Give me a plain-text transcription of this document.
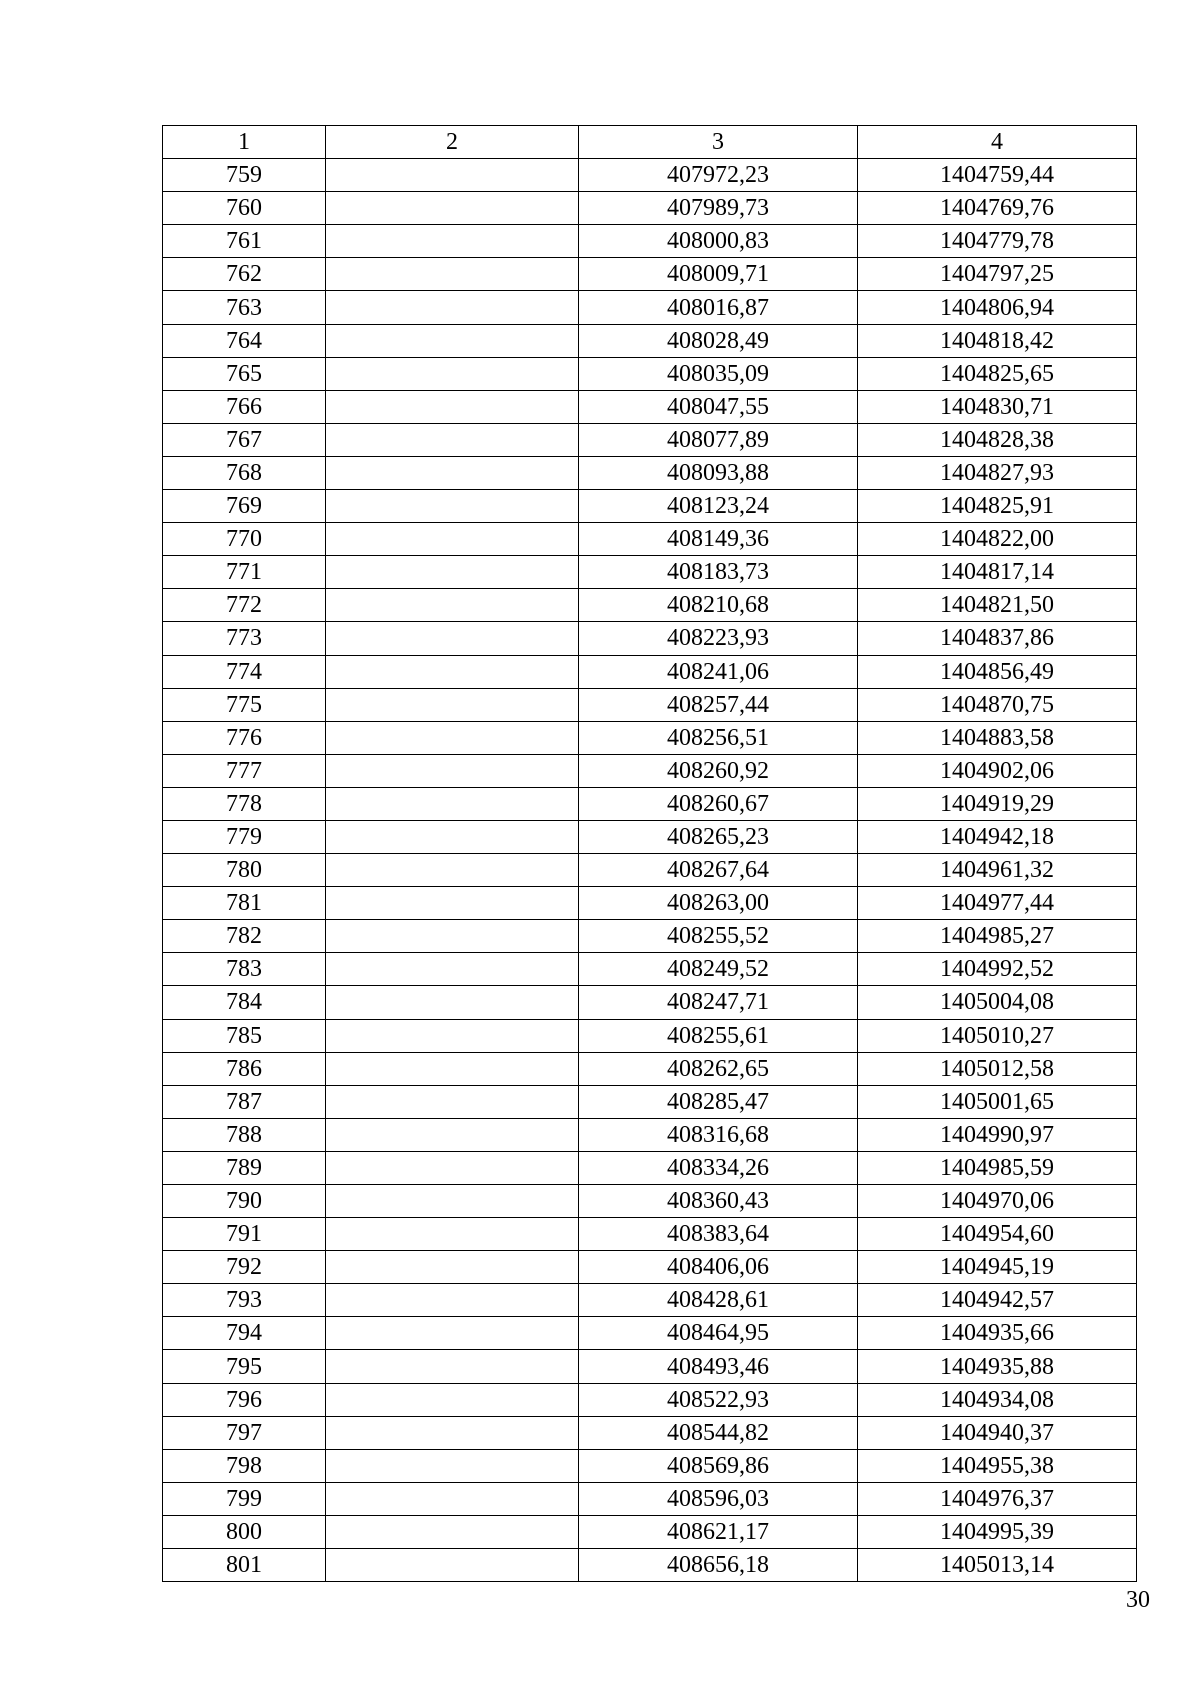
1	2	3	4
759		407972,23	1404759,44
760		407989,73	1404769,76
761		408000,83	1404779,78
762		408009,71	1404797,25
763		408016,87	1404806,94
764		408028,49	1404818,42
765		408035,09	1404825,65
766		408047,55	1404830,71
767		408077,89	1404828,38
768		408093,88	1404827,93
769		408123,24	1404825,91
770		408149,36	1404822,00
771		408183,73	1404817,14
772		408210,68	1404821,50
773		408223,93	1404837,86
774		408241,06	1404856,49
775		408257,44	1404870,75
776		408256,51	1404883,58
777		408260,92	1404902,06
778		408260,67	1404919,29
779		408265,23	1404942,18
780		408267,64	1404961,32
781		408263,00	1404977,44
782		408255,52	1404985,27
783		408249,52	1404992,52
784		408247,71	1405004,08
785		408255,61	1405010,27
786		408262,65	1405012,58
787		408285,47	1405001,65
788		408316,68	1404990,97
789		408334,26	1404985,59
790		408360,43	1404970,06
791		408383,64	1404954,60
792		408406,06	1404945,19
793		408428,61	1404942,57
794		408464,95	1404935,66
795		408493,46	1404935,88
796		408522,93	1404934,08
797		408544,82	1404940,37
798		408569,86	1404955,38
799		408596,03	1404976,37
800		408621,17	1404995,39
801		408656,18	1405013,14
30
